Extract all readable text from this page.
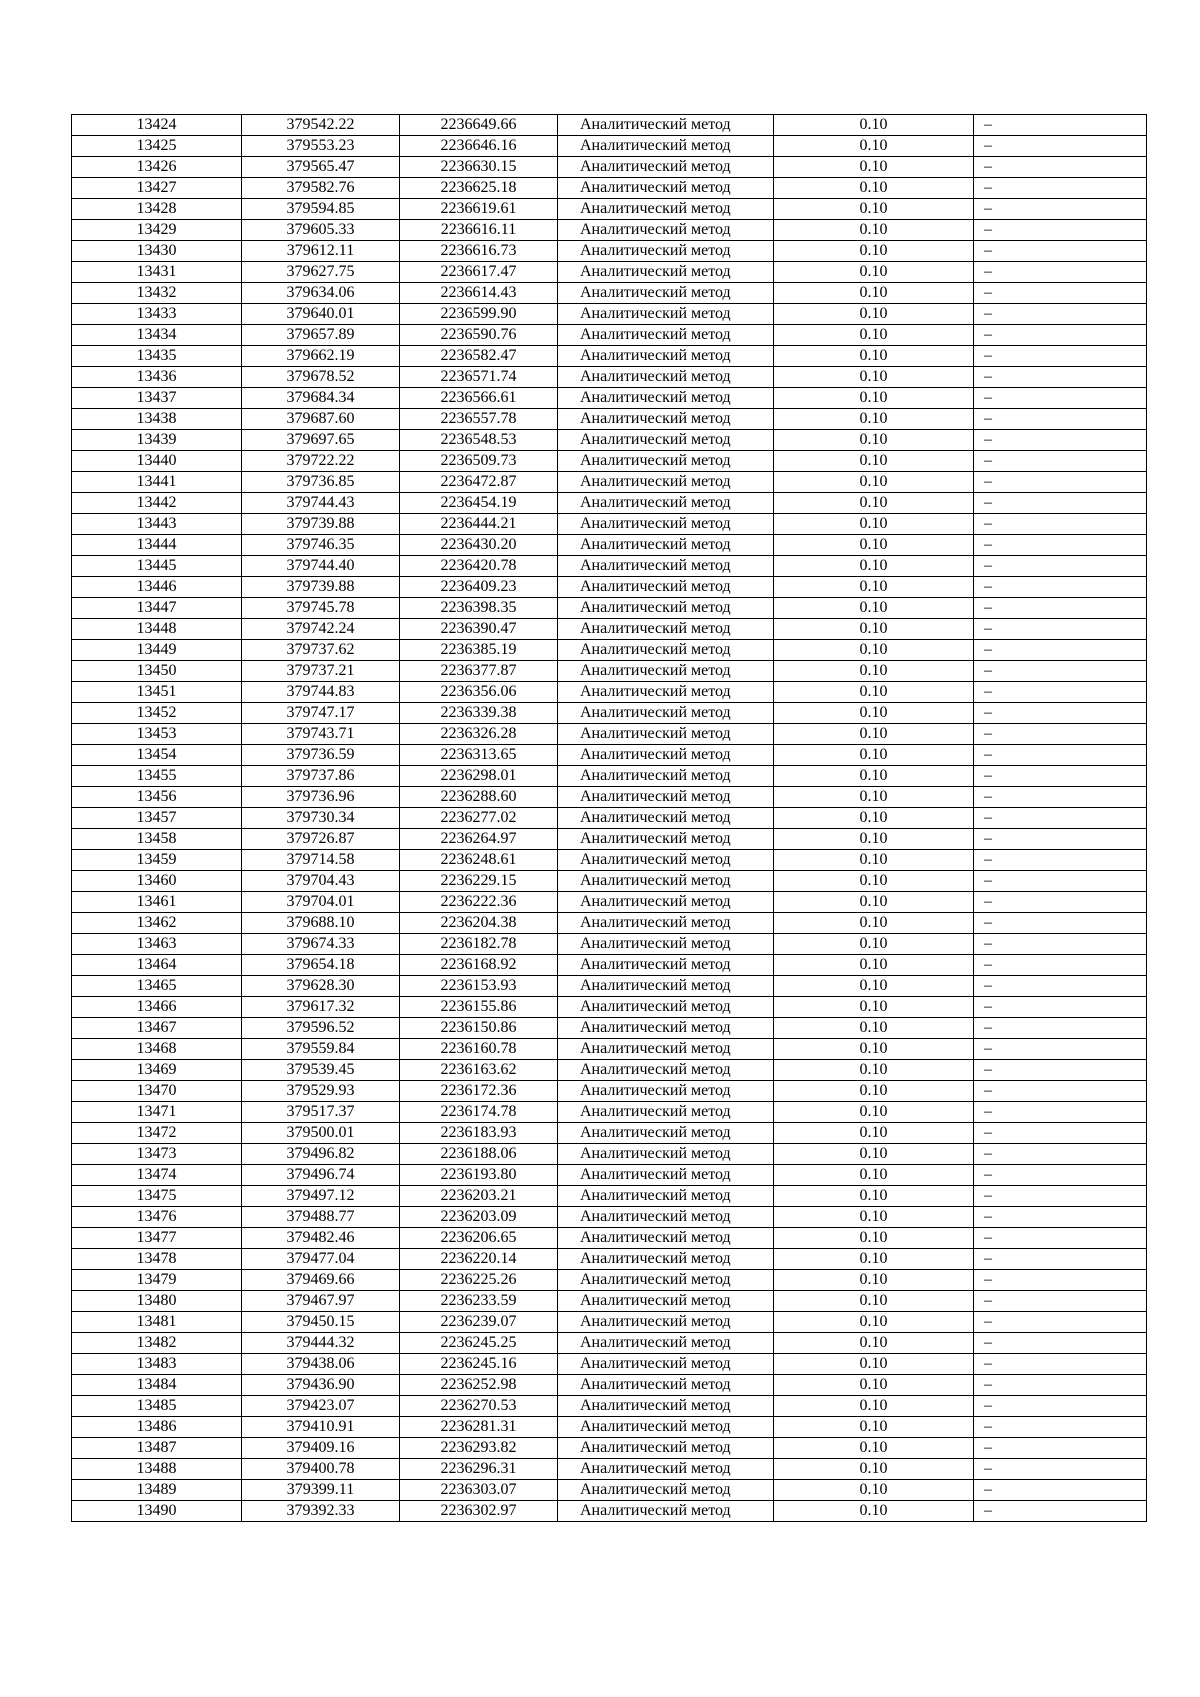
13424	379542.22	2236649.66	Аналитический метод	0.10	–
13425	379553.23	2236646.16	Аналитический метод	0.10	–
13426	379565.47	2236630.15	Аналитический метод	0.10	–
13427	379582.76	2236625.18	Аналитический метод	0.10	–
13428	379594.85	2236619.61	Аналитический метод	0.10	–
13429	379605.33	2236616.11	Аналитический метод	0.10	–
13430	379612.11	2236616.73	Аналитический метод	0.10	–
13431	379627.75	2236617.47	Аналитический метод	0.10	–
13432	379634.06	2236614.43	Аналитический метод	0.10	–
13433	379640.01	2236599.90	Аналитический метод	0.10	–
13434	379657.89	2236590.76	Аналитический метод	0.10	–
13435	379662.19	2236582.47	Аналитический метод	0.10	–
13436	379678.52	2236571.74	Аналитический метод	0.10	–
13437	379684.34	2236566.61	Аналитический метод	0.10	–
13438	379687.60	2236557.78	Аналитический метод	0.10	–
13439	379697.65	2236548.53	Аналитический метод	0.10	–
13440	379722.22	2236509.73	Аналитический метод	0.10	–
13441	379736.85	2236472.87	Аналитический метод	0.10	–
13442	379744.43	2236454.19	Аналитический метод	0.10	–
13443	379739.88	2236444.21	Аналитический метод	0.10	–
13444	379746.35	2236430.20	Аналитический метод	0.10	–
13445	379744.40	2236420.78	Аналитический метод	0.10	–
13446	379739.88	2236409.23	Аналитический метод	0.10	–
13447	379745.78	2236398.35	Аналитический метод	0.10	–
13448	379742.24	2236390.47	Аналитический метод	0.10	–
13449	379737.62	2236385.19	Аналитический метод	0.10	–
13450	379737.21	2236377.87	Аналитический метод	0.10	–
13451	379744.83	2236356.06	Аналитический метод	0.10	–
13452	379747.17	2236339.38	Аналитический метод	0.10	–
13453	379743.71	2236326.28	Аналитический метод	0.10	–
13454	379736.59	2236313.65	Аналитический метод	0.10	–
13455	379737.86	2236298.01	Аналитический метод	0.10	–
13456	379736.96	2236288.60	Аналитический метод	0.10	–
13457	379730.34	2236277.02	Аналитический метод	0.10	–
13458	379726.87	2236264.97	Аналитический метод	0.10	–
13459	379714.58	2236248.61	Аналитический метод	0.10	–
13460	379704.43	2236229.15	Аналитический метод	0.10	–
13461	379704.01	2236222.36	Аналитический метод	0.10	–
13462	379688.10	2236204.38	Аналитический метод	0.10	–
13463	379674.33	2236182.78	Аналитический метод	0.10	–
13464	379654.18	2236168.92	Аналитический метод	0.10	–
13465	379628.30	2236153.93	Аналитический метод	0.10	–
13466	379617.32	2236155.86	Аналитический метод	0.10	–
13467	379596.52	2236150.86	Аналитический метод	0.10	–
13468	379559.84	2236160.78	Аналитический метод	0.10	–
13469	379539.45	2236163.62	Аналитический метод	0.10	–
13470	379529.93	2236172.36	Аналитический метод	0.10	–
13471	379517.37	2236174.78	Аналитический метод	0.10	–
13472	379500.01	2236183.93	Аналитический метод	0.10	–
13473	379496.82	2236188.06	Аналитический метод	0.10	–
13474	379496.74	2236193.80	Аналитический метод	0.10	–
13475	379497.12	2236203.21	Аналитический метод	0.10	–
13476	379488.77	2236203.09	Аналитический метод	0.10	–
13477	379482.46	2236206.65	Аналитический метод	0.10	–
13478	379477.04	2236220.14	Аналитический метод	0.10	–
13479	379469.66	2236225.26	Аналитический метод	0.10	–
13480	379467.97	2236233.59	Аналитический метод	0.10	–
13481	379450.15	2236239.07	Аналитический метод	0.10	–
13482	379444.32	2236245.25	Аналитический метод	0.10	–
13483	379438.06	2236245.16	Аналитический метод	0.10	–
13484	379436.90	2236252.98	Аналитический метод	0.10	–
13485	379423.07	2236270.53	Аналитический метод	0.10	–
13486	379410.91	2236281.31	Аналитический метод	0.10	–
13487	379409.16	2236293.82	Аналитический метод	0.10	–
13488	379400.78	2236296.31	Аналитический метод	0.10	–
13489	379399.11	2236303.07	Аналитический метод	0.10	–
13490	379392.33	2236302.97	Аналитический метод	0.10	–
